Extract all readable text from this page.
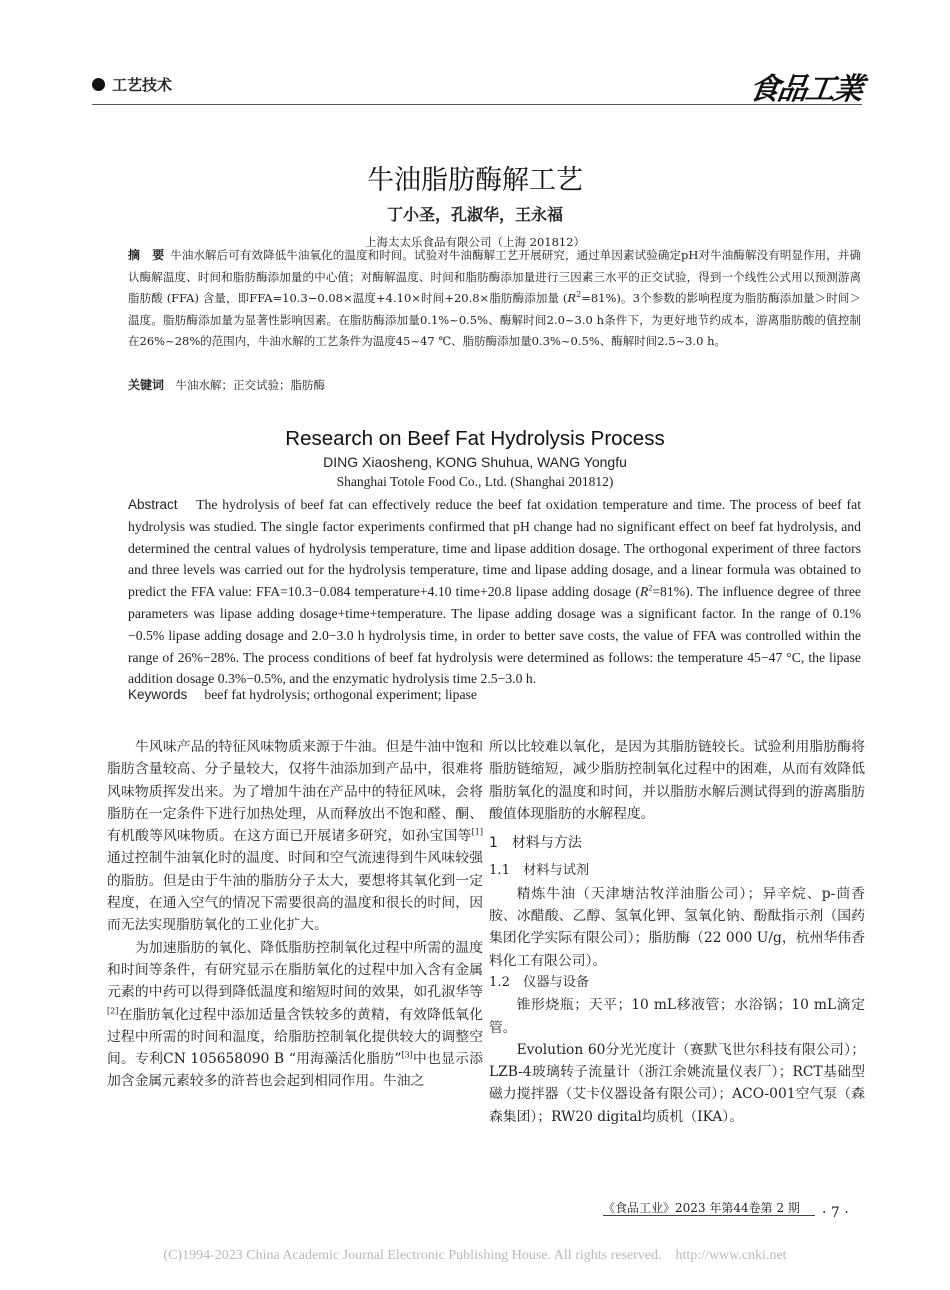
工艺技术	食品工業
牛油脂肪酶解工艺
丁小圣，孔淑华，王永福
上海太太乐食品有限公司（上海 201812）
摘　要  牛油水解后可有效降低牛油氧化的温度和时间。试验对牛油酶解工艺开展研究，通过单因素试验确定pH对牛油酶解没有明显作用，并确认酶解温度、时间和脂肪酶添加量的中心值；对酶解温度、时间和脂肪酶添加量进行三因素三水平的正交试验，得到一个线性公式用以预测游离脂肪酸 (FFA) 含量，即FFA=10.3−0.08×温度+4.10×时间+20.8×脂肪酶添加量 $(R^2=81\%)$。3个参数的影响程度为脂肪酶添加量＞时间＞温度。脂肪酶添加量为显著性影响因素。在脂肪酶添加量0.1%~0.5%、酶解时间2.0~3.0 h条件下，为更好地节约成本，游离脂肪酸的值控制在26%~28%的范围内，牛油水解的工艺条件为温度45~47 ℃、脂肪酶添加量0.3%~0.5%、酶解时间2.5~3.0 h。
关键词  牛油水解；正交试验；脂肪酶
Research on Beef Fat Hydrolysis Process
DING Xiaosheng, KONG Shuhua, WANG Yongfu
Shanghai Totole Food Co., Ltd. (Shanghai 201812)
Abstract  The hydrolysis of beef fat can effectively reduce the beef fat oxidation temperature and time. The process of beef fat hydrolysis was studied. The single factor experiments confirmed that pH change had no significant effect on beef fat hydrolysis, and determined the central values of hydrolysis temperature, time and lipase addition dosage. The orthogonal experiment of three factors and three levels was carried out for the hydrolysis temperature, time and lipase adding dosage, and a linear formula was obtained to predict the FFA value: FFA=10.3−0.084 temperature+4.10 time+20.8 lipase adding dosage $(R^2=81\%)$. The influence degree of three parameters was lipase adding dosage+time+temperature. The lipase adding dosage was a significant factor. In the range of 0.1%−0.5% lipase adding dosage and 2.0−3.0 h hydrolysis time, in order to better save costs, the value of FFA was controlled within the range of 26%−28%. The process conditions of beef fat hydrolysis were determined as follows: the temperature 45−47 °C, the lipase addition dosage 0.3%−0.5%, and the enzymatic hydrolysis time 2.5−3.0 h.
Keywords  beef fat hydrolysis; orthogonal experiment; lipase

牛风味产品的特征风味物质来源于牛油。但是牛油中饱和脂肪含量较高、分子量较大，仅将牛油添加到产品中，很难将风味物质挥发出来。为了增加牛油在产品中的特征风味，会将脂肪在一定条件下进行加热处理，从而释放出不饱和醛、酮、有机酸等风味物质。在这方面已开展诸多研究，如孙宝国等[1]通过控制牛油氧化时的温度、时间和空气流速得到牛风味较强的脂肪。但是由于牛油的脂肪分子太大，要想将其氧化到一定程度，在通入空气的情况下需要很高的温度和很长的时间，因而无法实现脂肪氧化的工业化扩大。

为加速脂肪的氧化、降低脂肪控制氧化过程中所需的温度和时间等条件，有研究显示在脂肪氧化的过程中加入含有金属元素的中药可以得到降低温度和缩短时间的效果，如孔淑华等[2]在脂肪氧化过程中添加适量含铁较多的黄精，有效降低氧化过程中所需的时间和温度，给脂肪控制氧化提供较大的调整空间。专利CN 105658090 B “用海藻活化脂肪”[3]中也显示添加含金属元素较多的浒苔也会起到相同作用。牛油之

所以比较难以氧化，是因为其脂肪链较长。试验利用脂肪酶将脂肪链缩短，减少脂肪控制氧化过程中的困难，从而有效降低脂肪氧化的温度和时间，并以脂肪水解后测试得到的游离脂肪酸值体现脂肪的水解程度。

1　材料与方法

1.1　材料与试剂

精炼牛油（天津塘沽牧洋油脂公司）；异辛烷、p-茴香胺、冰醋酸、乙醇、氢氧化钾、氢氧化钠、酚酞指示剂（国药集团化学实际有限公司）；脂肪酶（22 000 U/g，杭州华伟香料化工有限公司）。

1.2　仪器与设备

锥形烧瓶；天平；10 mL移液管；水浴锅；10 mL滴定管。

Evolution 60分光光度计（赛默飞世尔科技有限公司）；LZB-4玻璃转子流量计（浙江余姚流量仪表厂）；RCT基础型磁力搅拌器（艾卡仪器设备有限公司）；ACO-001空气泵（森森集团）；RW20 digital均质机（IKA）。

《食品工业》2023 年第44卷第 2 期 · 7 ·
(C)1994-2023 China Academic Journal Electronic Publishing House. All rights reserved.　http://www.cnki.net
